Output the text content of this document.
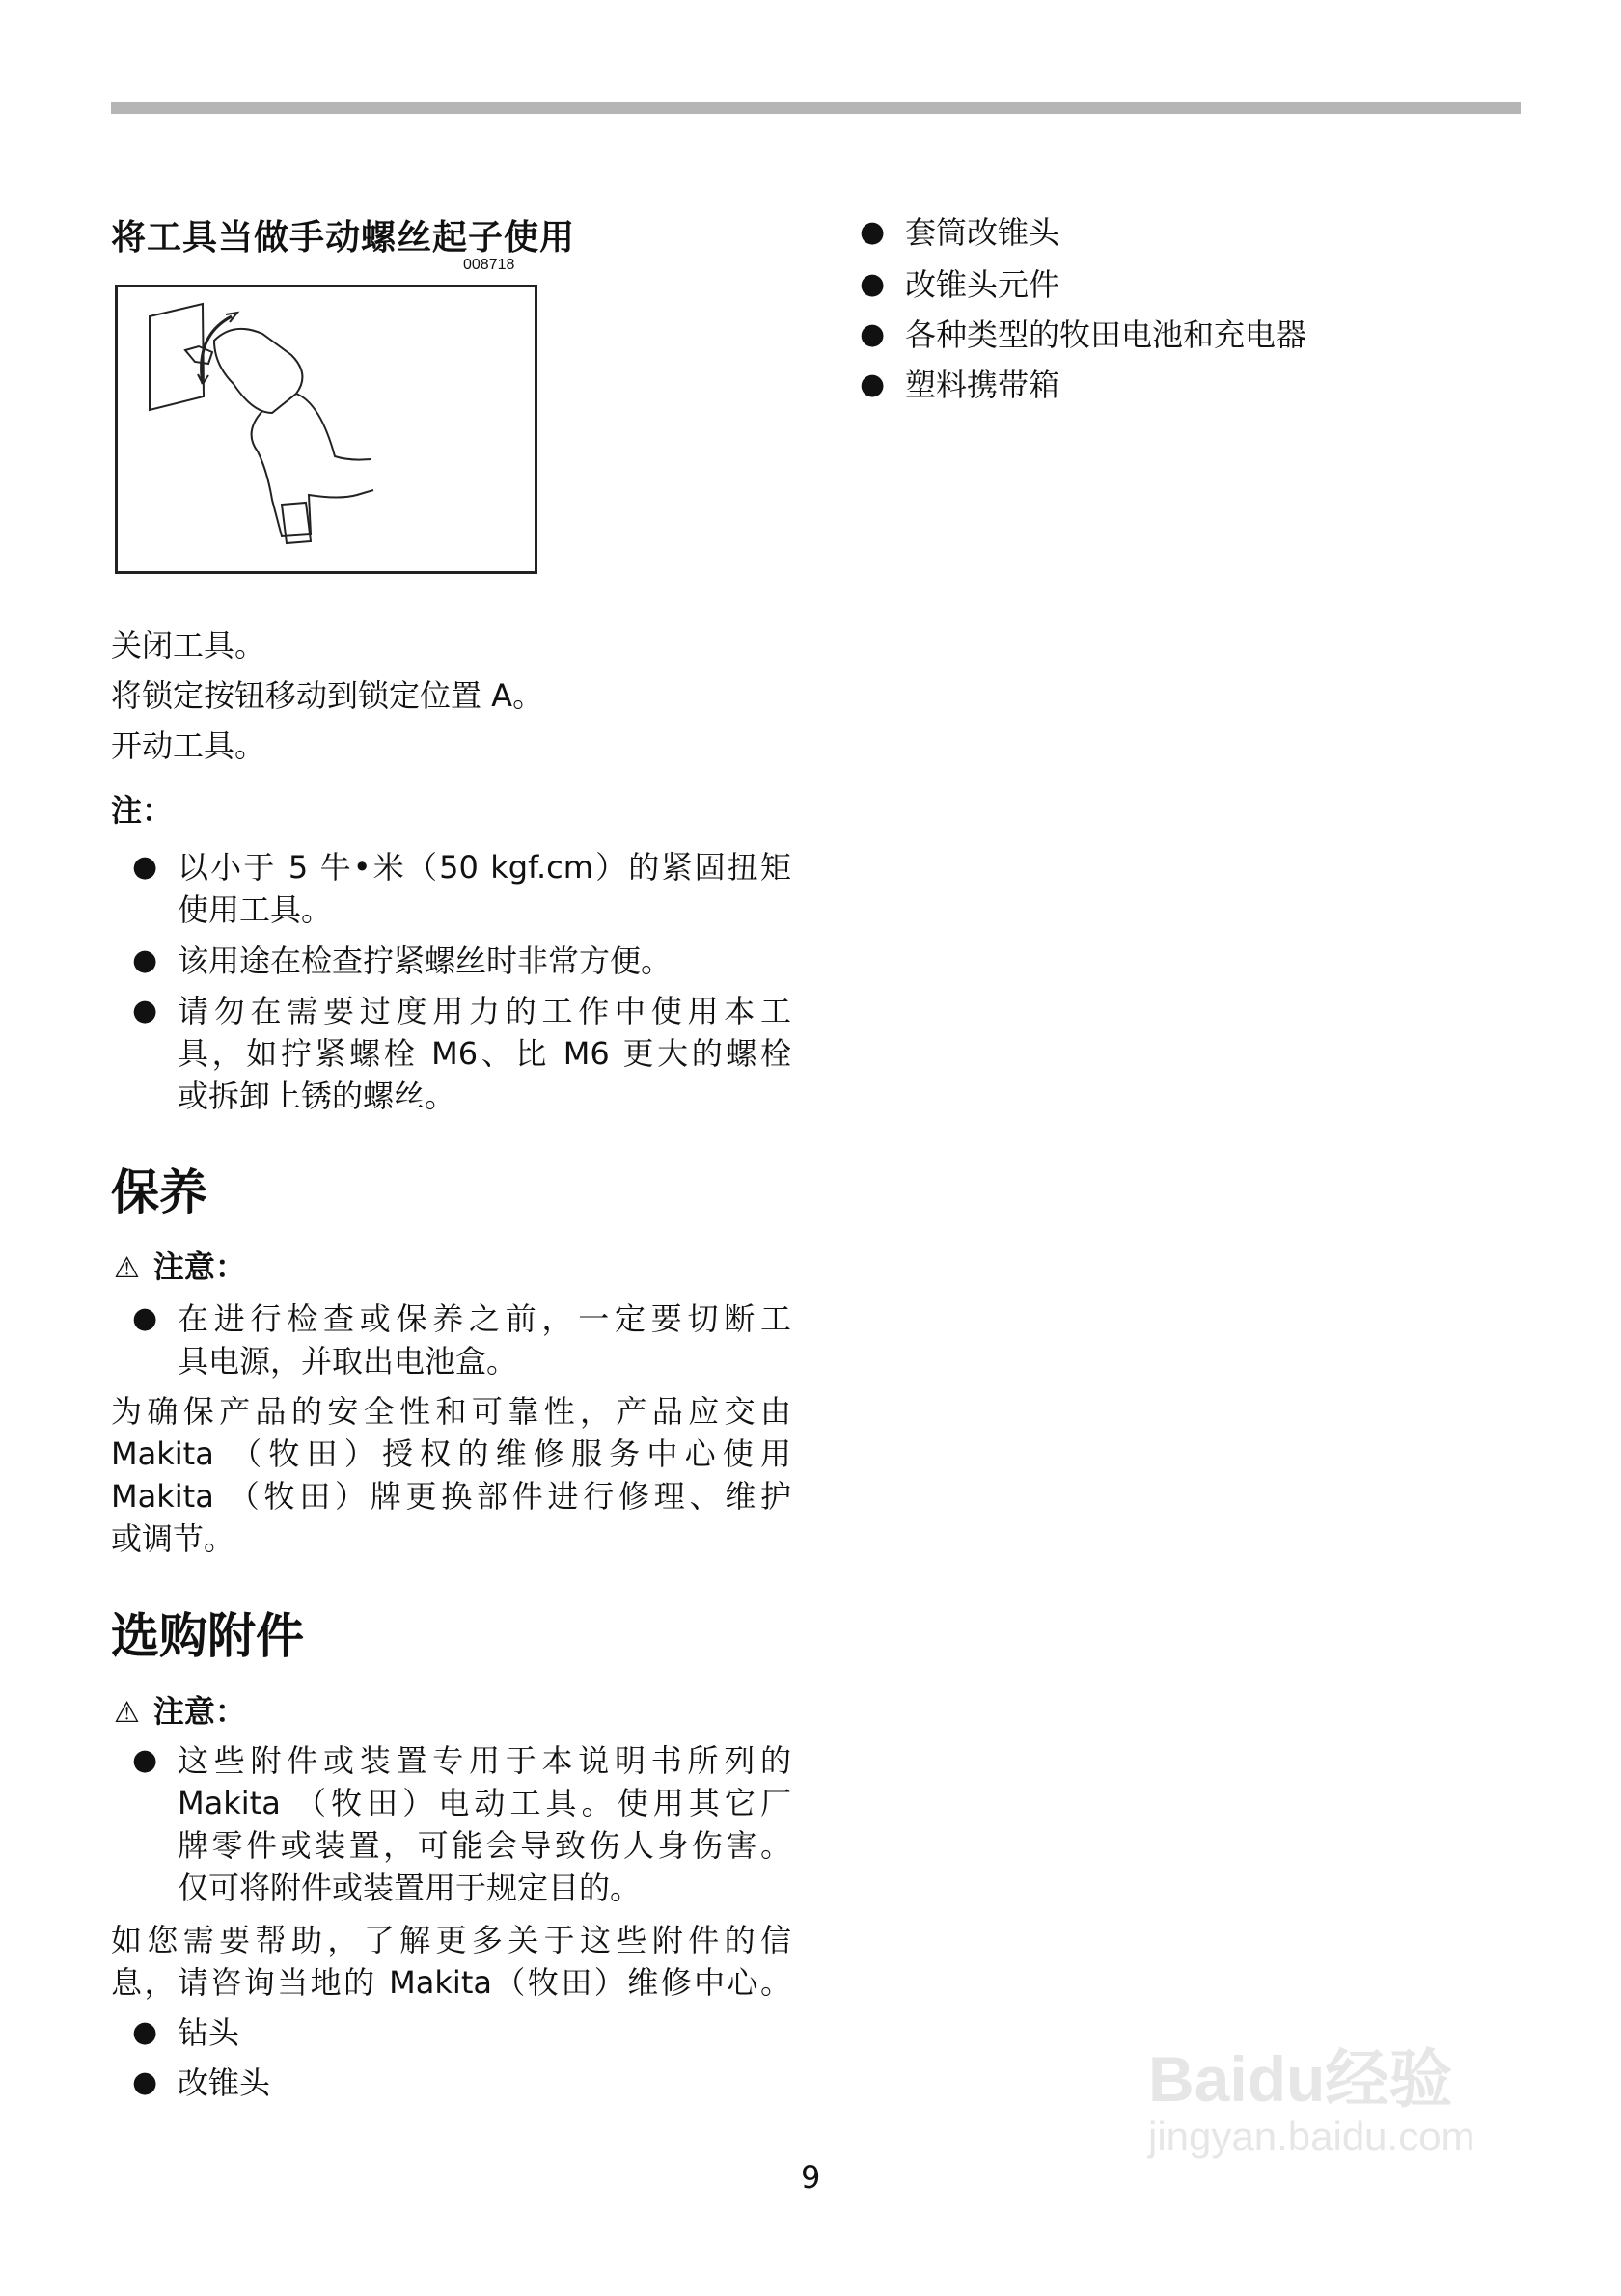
将工具当做手动螺丝起子使用
008718
关闭工具。
将锁定按钮移动到锁定位置 A。
开动工具。
注：
● 以小于 5 牛•米（50 kgf.cm）的紧固扭矩
使用工具。
● 该用途在检查拧紧螺丝时非常方便。
● 请勿在需要过度用力的工作中使用本工
具，如拧紧螺栓 M6、比 M6 更大的螺栓
或拆卸上锈的螺丝。
保养
⚠ 注意：
● 在进行检查或保养之前，一定要切断工
具电源，并取出电池盒。
为确保产品的安全性和可靠性，产品应交由
Makita （牧田）授权的维修服务中心使用
Makita （牧田）牌更换部件进行修理、维护
或调节。
选购附件
⚠ 注意：
● 这些附件或装置专用于本说明书所列的
Makita （牧田）电动工具。使用其它厂
牌零件或装置，可能会导致伤人身伤害。
仅可将附件或装置用于规定目的。
如您需要帮助，了解更多关于这些附件的信
息，请咨询当地的 Makita（牧田）维修中心。
● 钻头
● 改锥头
● 套筒改锥头
● 改锥头元件
● 各种类型的牧田电池和充电器
● 塑料携带箱
9
Baidu经验
jingyan.baidu.com
